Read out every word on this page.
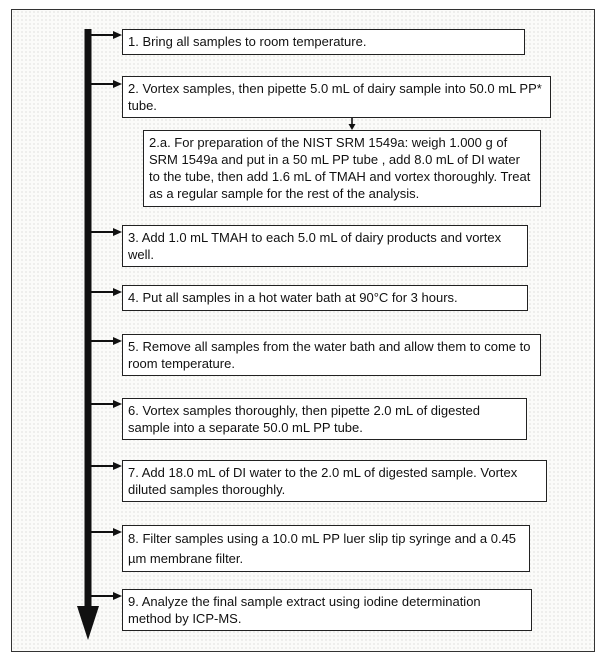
1. Bring all samples to room temperature.
2. Vortex samples, then pipette 5.0 mL of dairy sample into 50.0 mL PP* tube.
2.a. For preparation of the NIST SRM 1549a: weigh 1.000 g of SRM 1549a and put in a 50 mL PP tube , add 8.0 mL of DI water to the tube, then add 1.6 mL of TMAH and vortex thoroughly. Treat as a regular sample for the rest of the analysis.
3. Add 1.0 mL TMAH to each 5.0 mL of dairy products and vortex well.
4. Put all samples in a hot water bath at 90°C for 3 hours.
5. Remove all samples from the water bath and allow them to come to room temperature.
6. Vortex samples thoroughly, then pipette 2.0 mL of digested sample into a separate 50.0 mL PP tube.
7. Add 18.0 mL of DI water to the 2.0 mL of digested sample. Vortex diluted samples thoroughly.
8. Filter samples using a 10.0 mL PP luer slip tip syringe and a 0.45 µm membrane filter.
9. Analyze the final sample extract using iodine determination method by ICP-MS.
